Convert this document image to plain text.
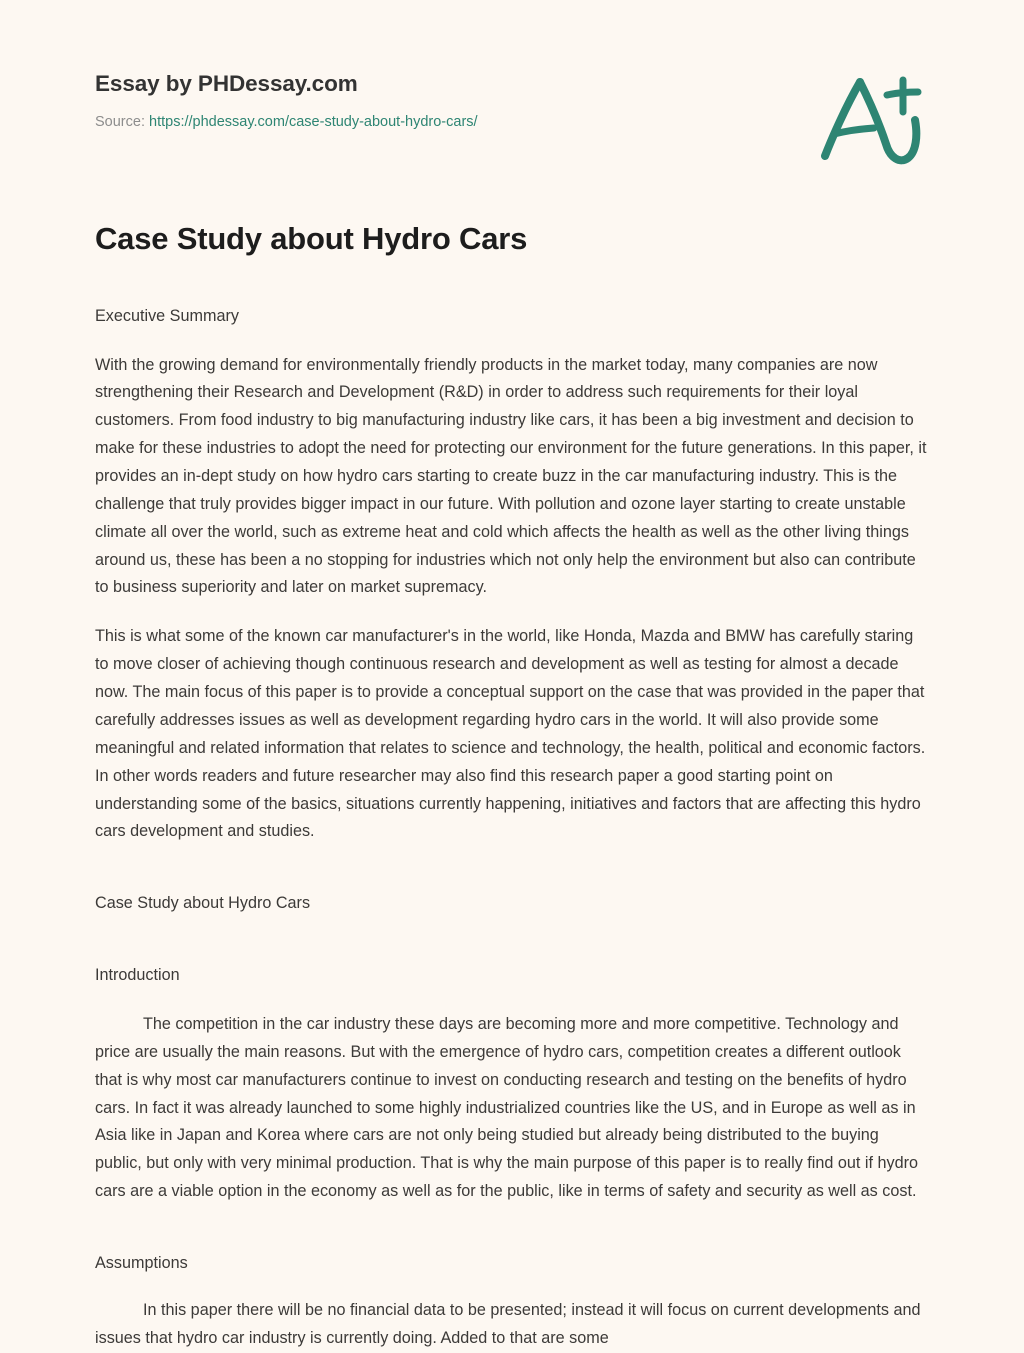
Essay by PHDessay.com

Source: https://phdessay.com/case-study-about-hydro-cars/

Case Study about Hydro Cars

Executive Summary

With the growing demand for environmentally friendly products in the market today, many companies are now strengthening their Research and Development (R&D) in order to address such requirements for their loyal customers. From food industry to big manufacturing industry like cars, it has been a big investment and decision to make for these industries to adopt the need for protecting our environment for the future generations. In this paper, it provides an in-dept study on how hydro cars starting to create buzz in the car manufacturing industry. This is the challenge that truly provides bigger impact in our future. With pollution and ozone layer starting to create unstable climate all over the world, such as extreme heat and cold which affects the health as well as the other living things around us, these has been a no stopping for industries which not only help the environment but also can contribute to business superiority and later on market supremacy.

This is what some of the known car manufacturer's in the world, like Honda, Mazda and BMW has carefully staring to move closer of achieving though continuous research and development as well as testing for almost a decade now. The main focus of this paper is to provide a conceptual support on the case that was provided in the paper that carefully addresses issues as well as development regarding hydro cars in the world. It will also provide some meaningful and related information that relates to science and technology, the health, political and economic factors. In other words readers and future researcher may also find this research paper a good starting point on understanding some of the basics, situations currently happening, initiatives and factors that are affecting this hydro cars development and studies.

Case Study about Hydro Cars

Introduction

The competition in the car industry these days are becoming more and more competitive. Technology and price are usually the main reasons. But with the emergence of hydro cars, competition creates a different outlook that is why most car manufacturers continue to invest on conducting research and testing on the benefits of hydro cars. In fact it was already launched to some highly industrialized countries like the US, and in Europe as well as in Asia like in Japan and Korea where cars are not only being studied but already being distributed to the buying public, but only with very minimal production. That is why the main purpose of this paper is to really find out if hydro cars are a viable option in the economy as well as for the public, like in terms of safety and security as well as cost.

Assumptions

In this paper there will be no financial data to be presented; instead it will focus on current developments and issues that hydro car industry is currently doing. Added to that are some
